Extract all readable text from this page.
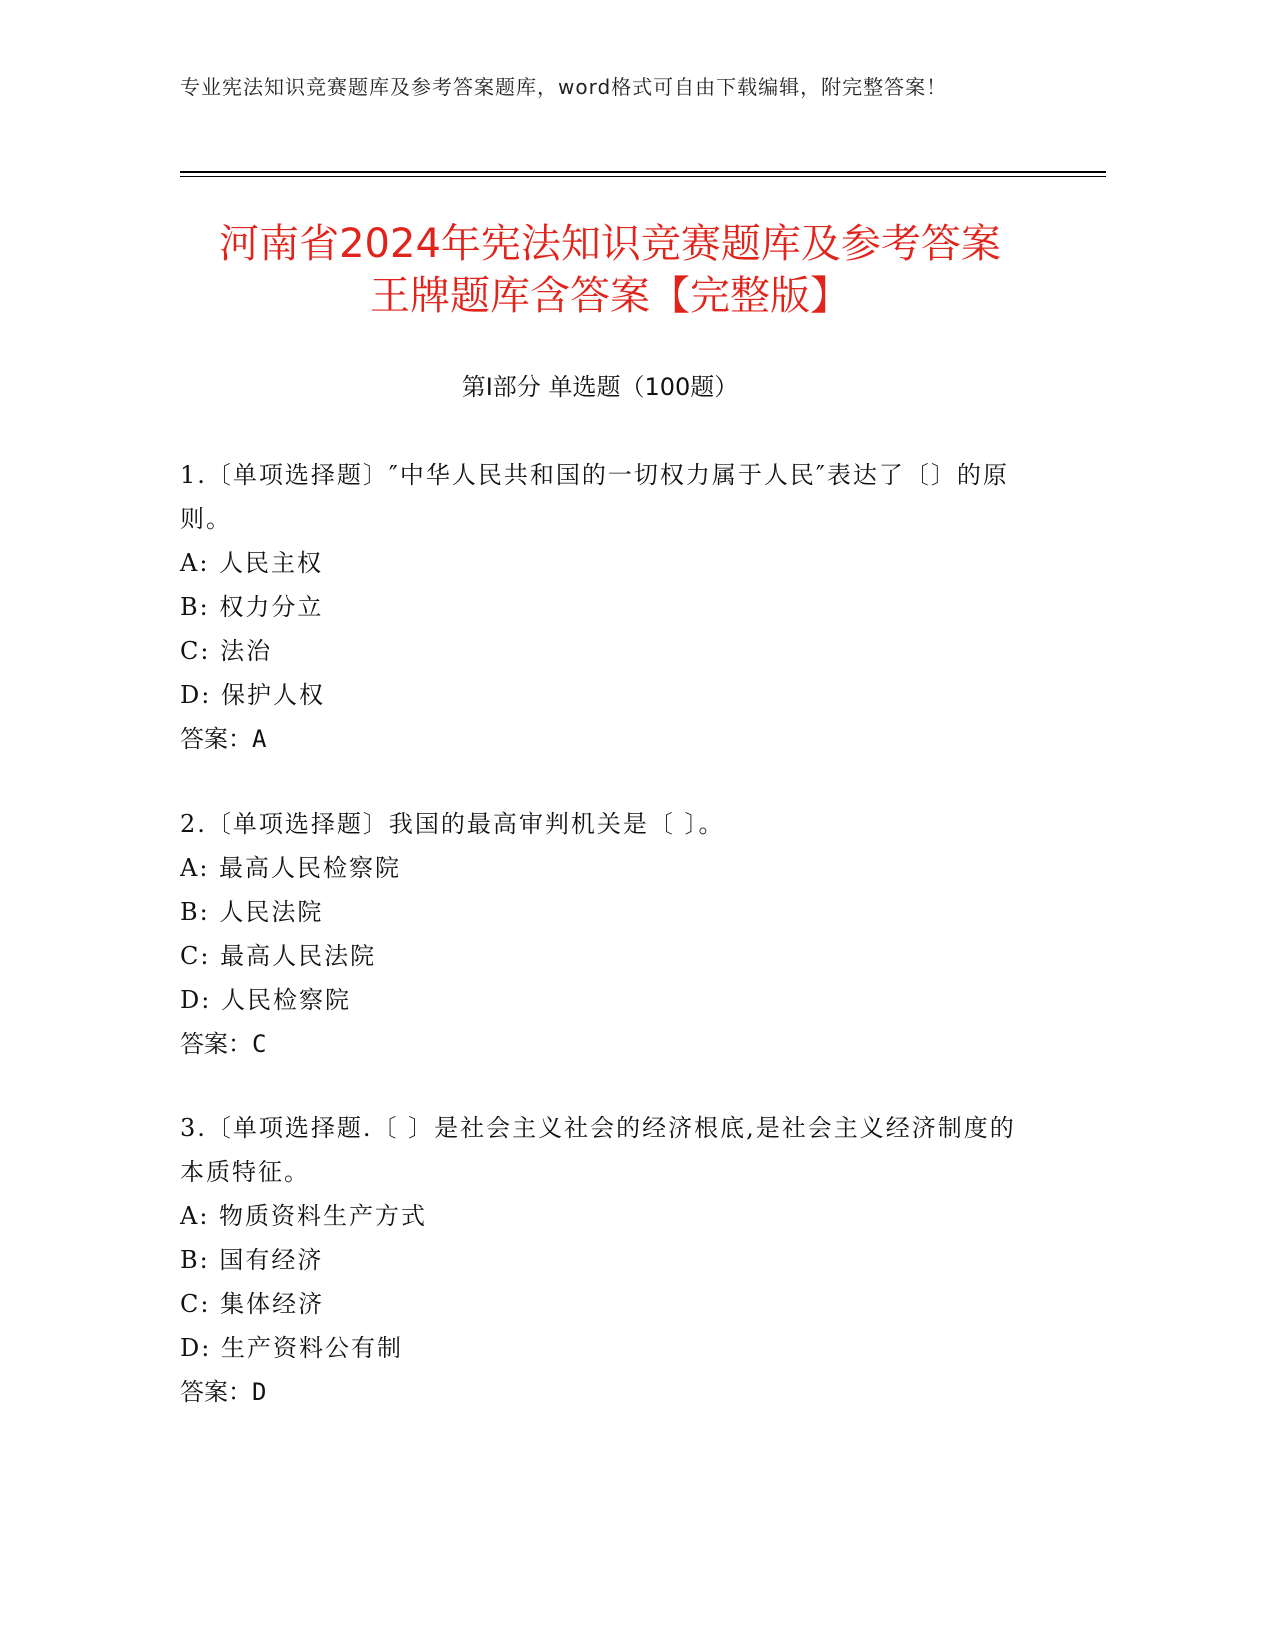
专业宪法知识竞赛题库及参考答案题库，word格式可自由下载编辑，附完整答案！
河南省2024年宪法知识竞赛题库及参考答案
王牌题库含答案【完整版】
第I部分 单选题（100题）
1.〔单项选择题〕″中华人民共和国的一切权力属于人民″表达了〔〕的原则。
A: 人民主权
B: 权力分立
C: 法治
D: 保护人权
答案：A
2.〔单项选择题〕我国的最高审判机关是〔 〕。
A: 最高人民检察院
B: 人民法院
C: 最高人民法院
D: 人民检察院
答案：C
3.〔单项选择题.〔 〕是社会主义社会的经济根底,是社会主义经济制度的本质特征。
A: 物质资料生产方式
B: 国有经济
C: 集体经济
D: 生产资料公有制
答案：D
